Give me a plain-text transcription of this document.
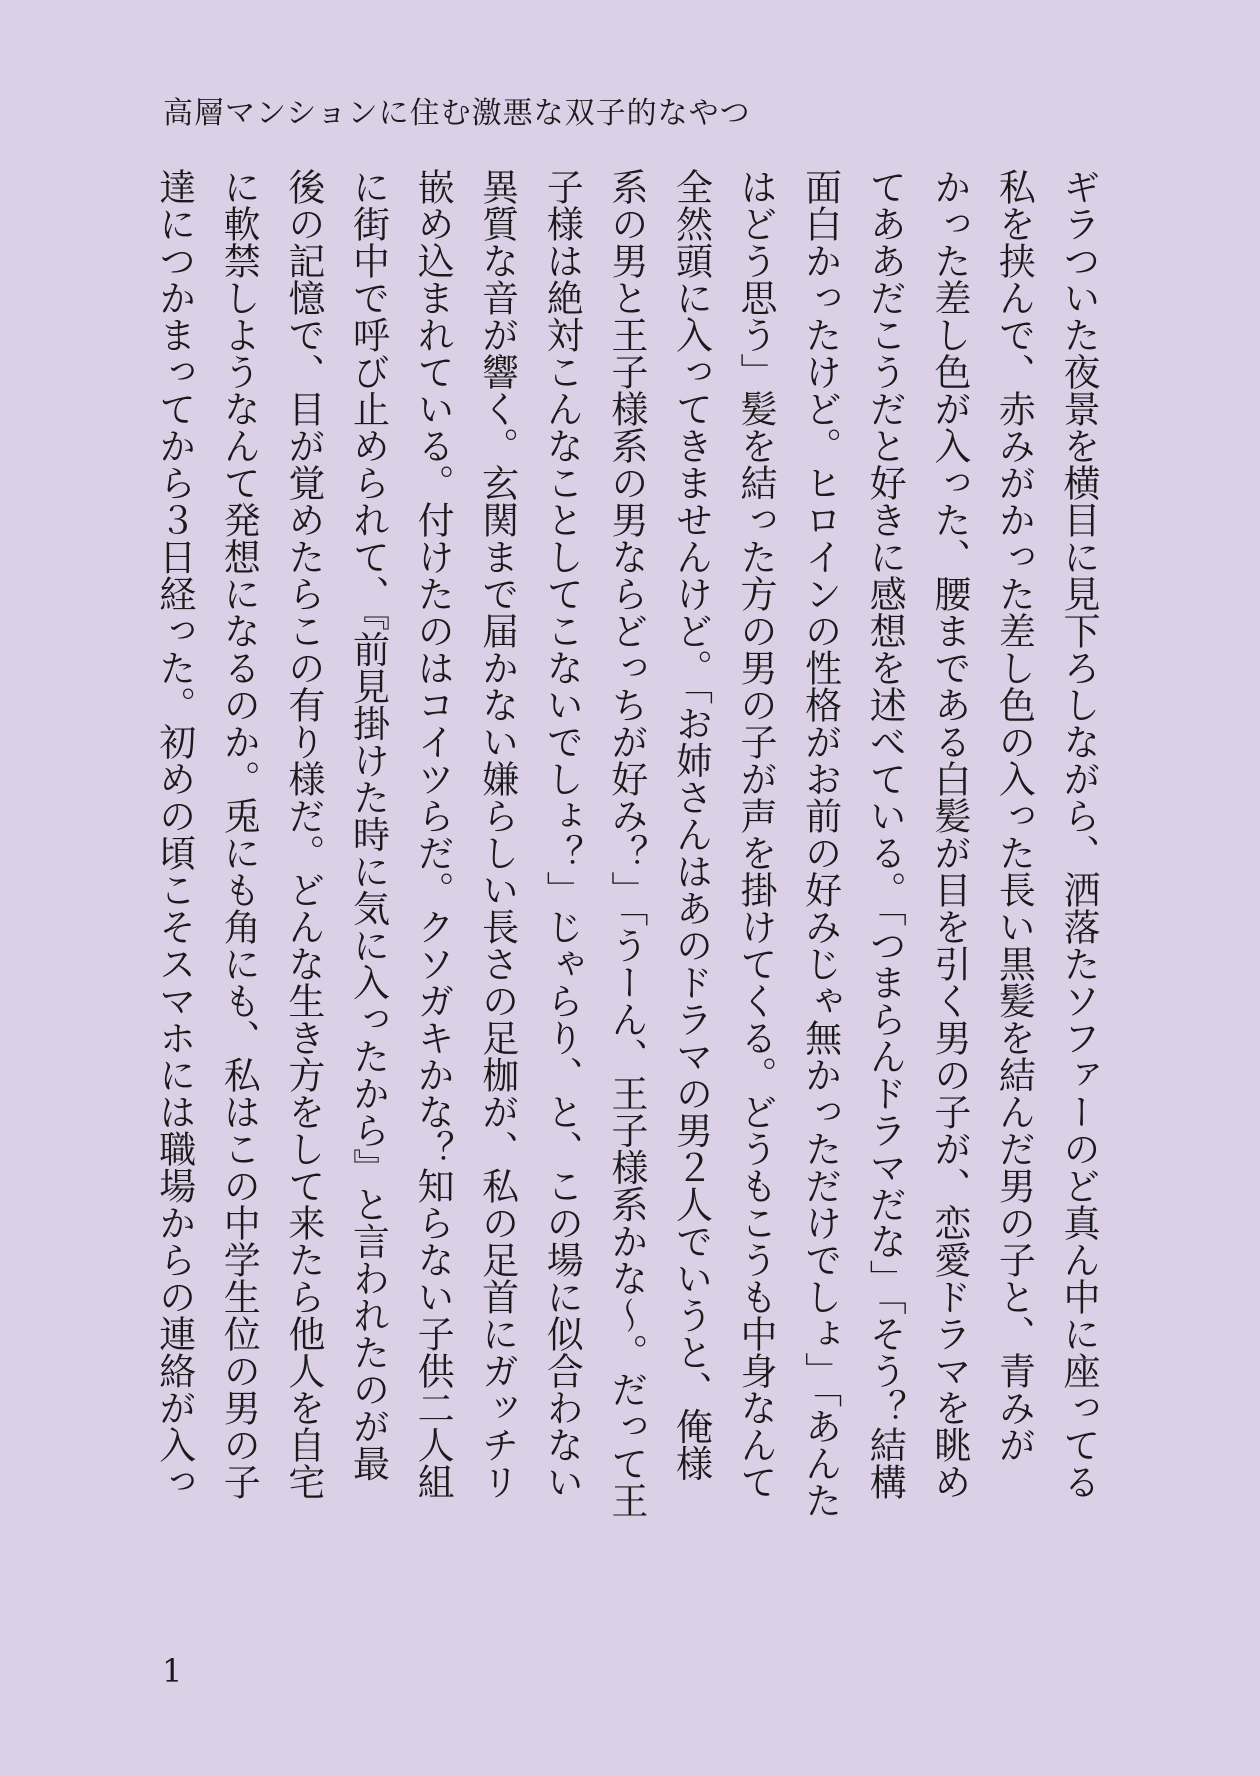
高層マンションに住む激悪な双子的なやつ
ギラついた夜景を横目に見下ろしながら、洒落たソファーのど真ん中に座ってる
私を挟んで、赤みがかった差し色の入った長い黒髪を結んだ男の子と、青みが
かった差し色が入った、腰まである白髪が目を引く男の子が、恋愛ドラマを眺め
てああだこうだと好きに感想を述べている。「つまらんドラマだな」「そう？結構
面白かったけど。ヒロインの性格がお前の好みじゃ無かっただけでしょ」「あんた
はどう思う」髪を結った方の男の子が声を掛けてくる。どうもこうも中身なんて
全然頭に入ってきませんけど。「お姉さんはあのドラマの男２人でいうと、俺様
系の男と王子様系の男ならどっちが好み？」「うーん、王子様系かな〜。だって王
子様は絶対こんなことしてこないでしょ？」じゃらり、と、この場に似合わない
異質な音が響く。玄関まで届かない嫌らしい長さの足枷が、私の足首にガッチリ
嵌め込まれている。付けたのはコイツらだ。クソガキかな？知らない子供二人組
に街中で呼び止められて、『前見掛けた時に気に入ったから』と言われたのが最
後の記憶で、目が覚めたらこの有り様だ。どんな生き方をして来たら他人を自宅
に軟禁しようなんて発想になるのか。兎にも角にも、私はこの中学生位の男の子
達につかまってから３日経った。初めの頃こそスマホには職場からの連絡が入っ
1
